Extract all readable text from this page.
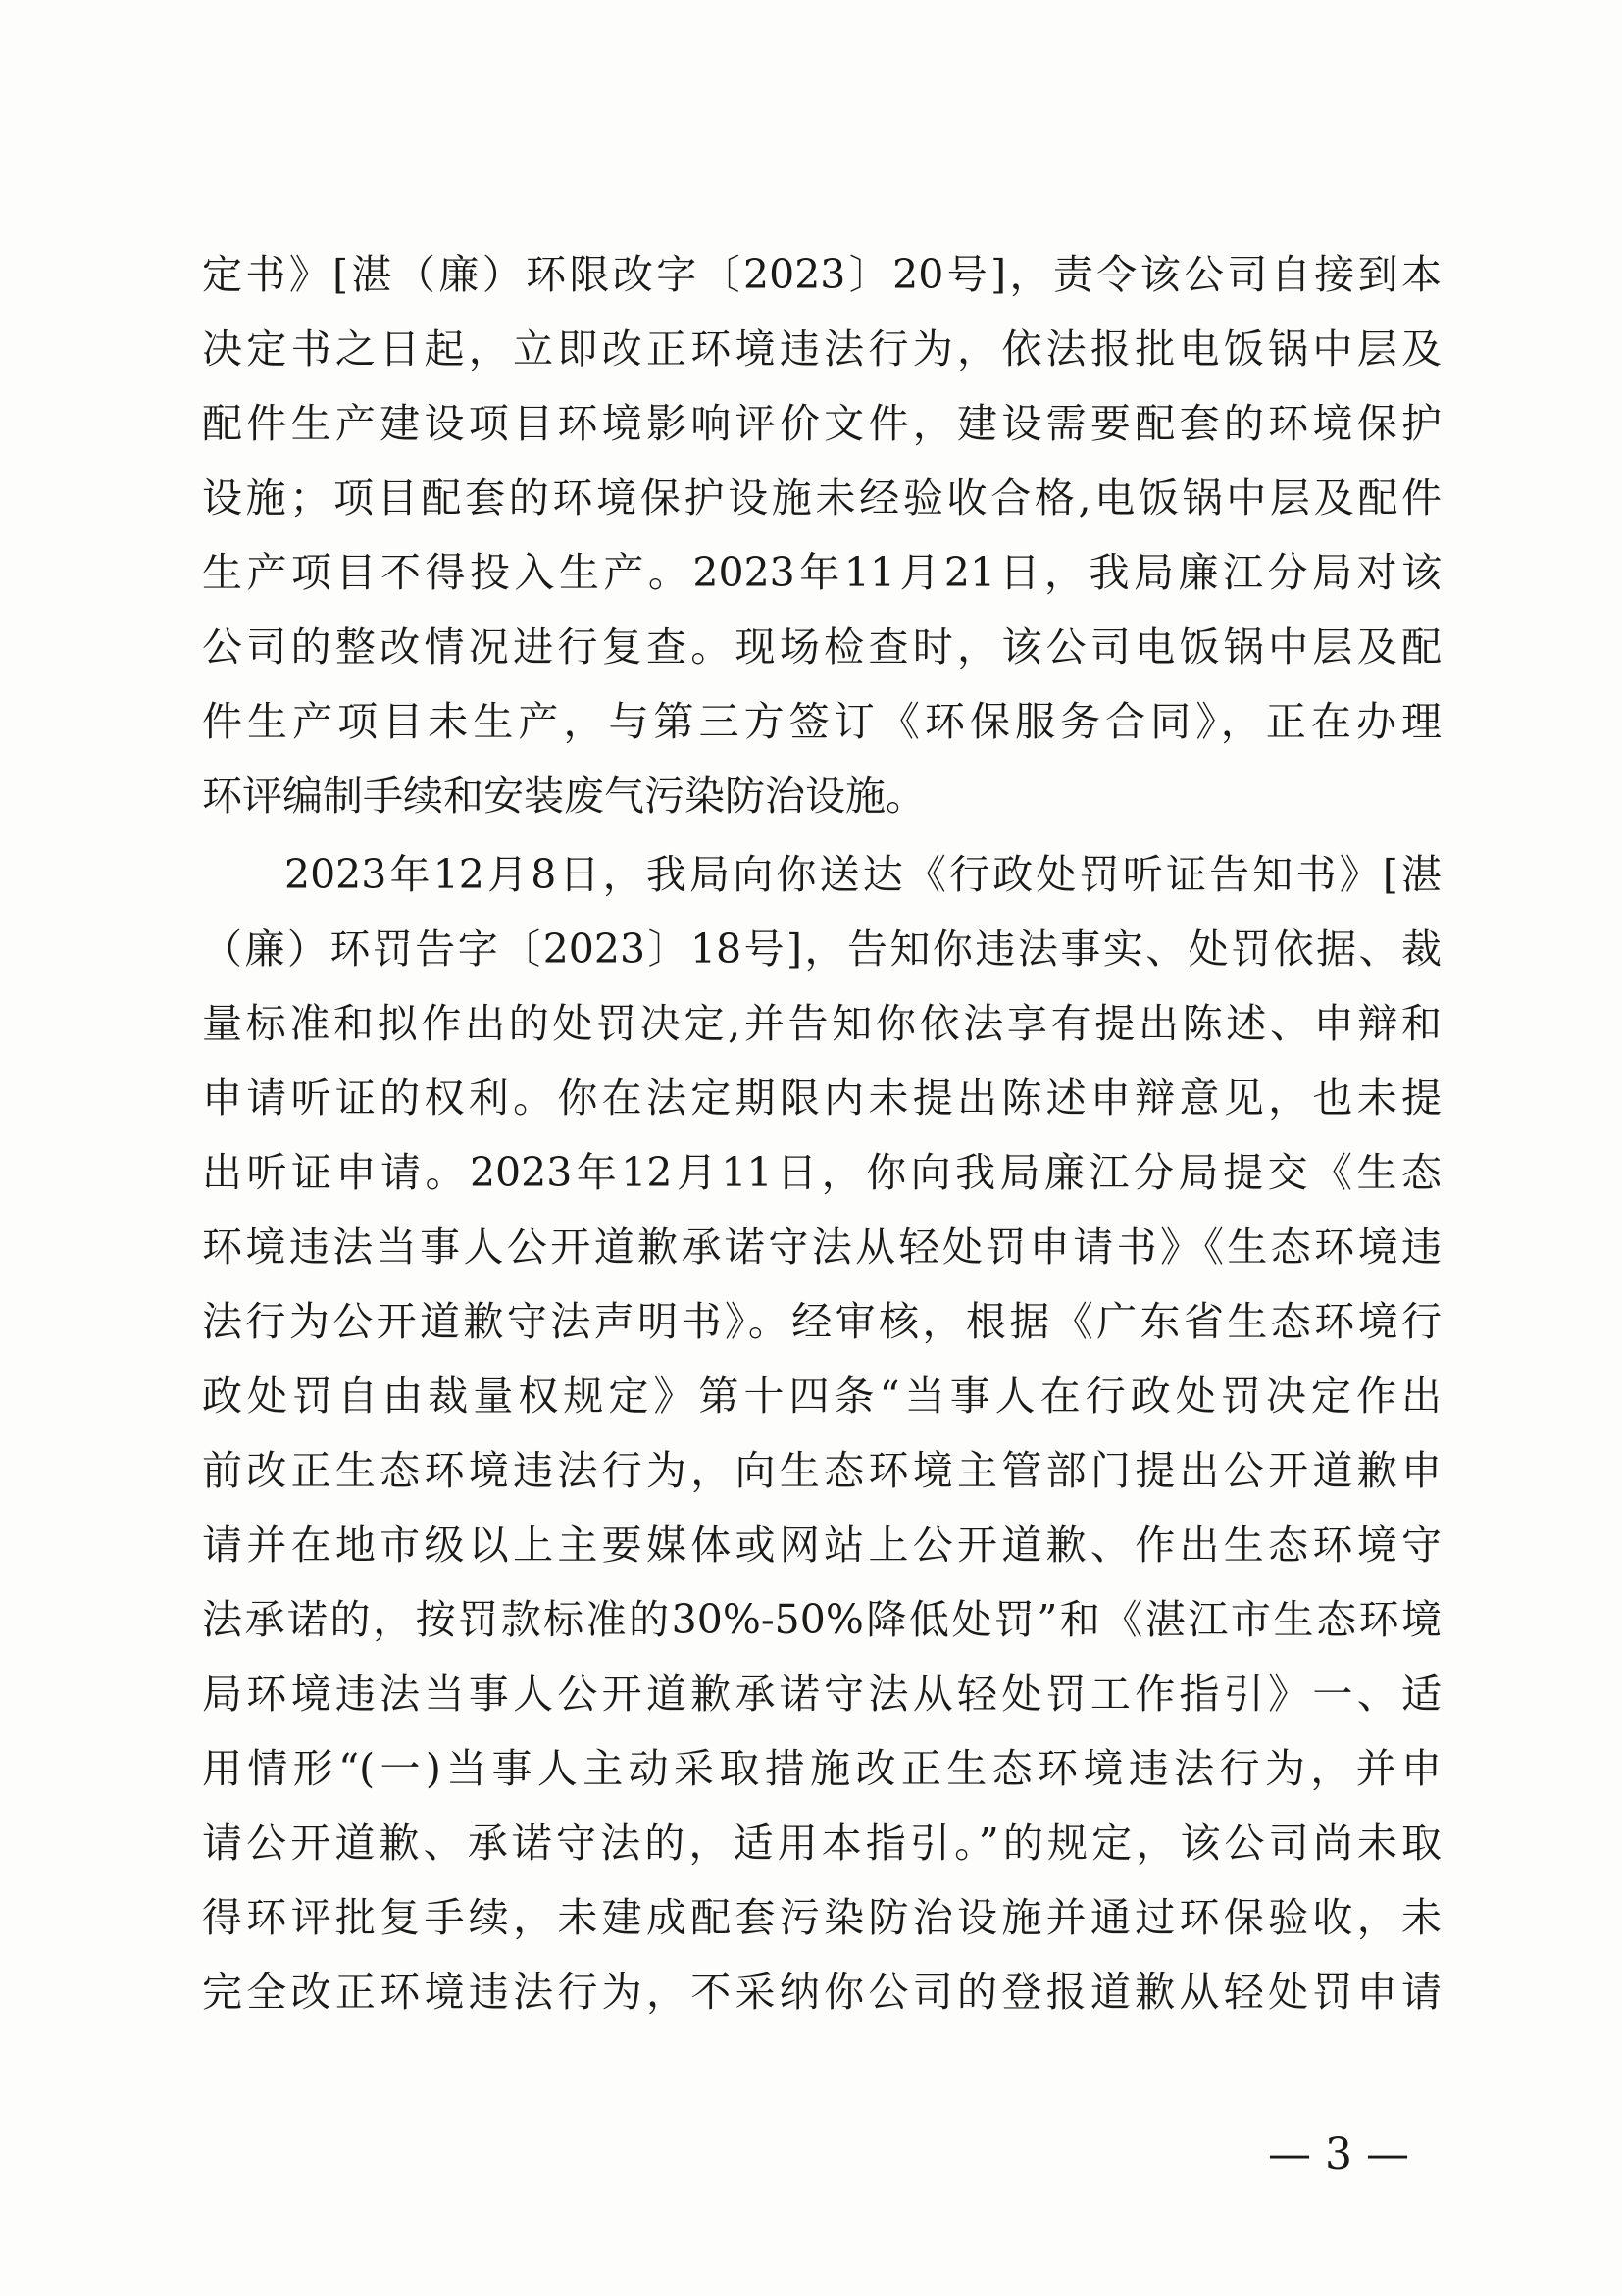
定书》[湛（廉）环限改字〔2023〕20号]，责令该公司自接到本
决定书之日起，立即改正环境违法行为，依法报批电饭锅中层及
配件生产建设项目环境影响评价文件，建设需要配套的环境保护
设施；项目配套的环境保护设施未经验收合格,电饭锅中层及配件
生产项目不得投入生产。2023年11月21日，我局廉江分局对该
公司的整改情况进行复查。现场检查时，该公司电饭锅中层及配
件生产项目未生产，与第三方签订《环保服务合同》，正在办理
环评编制手续和安装废气污染防治设施。
2023年12月8日，我局向你送达《行政处罚听证告知书》[湛
（廉）环罚告字〔2023〕18号]，告知你违法事实、处罚依据、裁
量标准和拟作出的处罚决定,并告知你依法享有提出陈述、申辩和
申请听证的权利。你在法定期限内未提出陈述申辩意见，也未提
出听证申请。2023年12月11日，你向我局廉江分局提交《生态
环境违法当事人公开道歉承诺守法从轻处罚申请书》《生态环境违
法行为公开道歉守法声明书》。经审核，根据《广东省生态环境行
政处罚自由裁量权规定》第十四条“当事人在行政处罚决定作出
前改正生态环境违法行为，向生态环境主管部门提出公开道歉申
请并在地市级以上主要媒体或网站上公开道歉、作出生态环境守
法承诺的，按罚款标准的30%-50%降低处罚”和《湛江市生态环境
局环境违法当事人公开道歉承诺守法从轻处罚工作指引》一、适
用情形“(一)当事人主动采取措施改正生态环境违法行为，并申
请公开道歉、承诺守法的，适用本指引。”的规定，该公司尚未取
得环评批复手续，未建成配套污染防治设施并通过环保验收，未
完全改正环境违法行为，不采纳你公司的登报道歉从轻处罚申请
— 3 —
